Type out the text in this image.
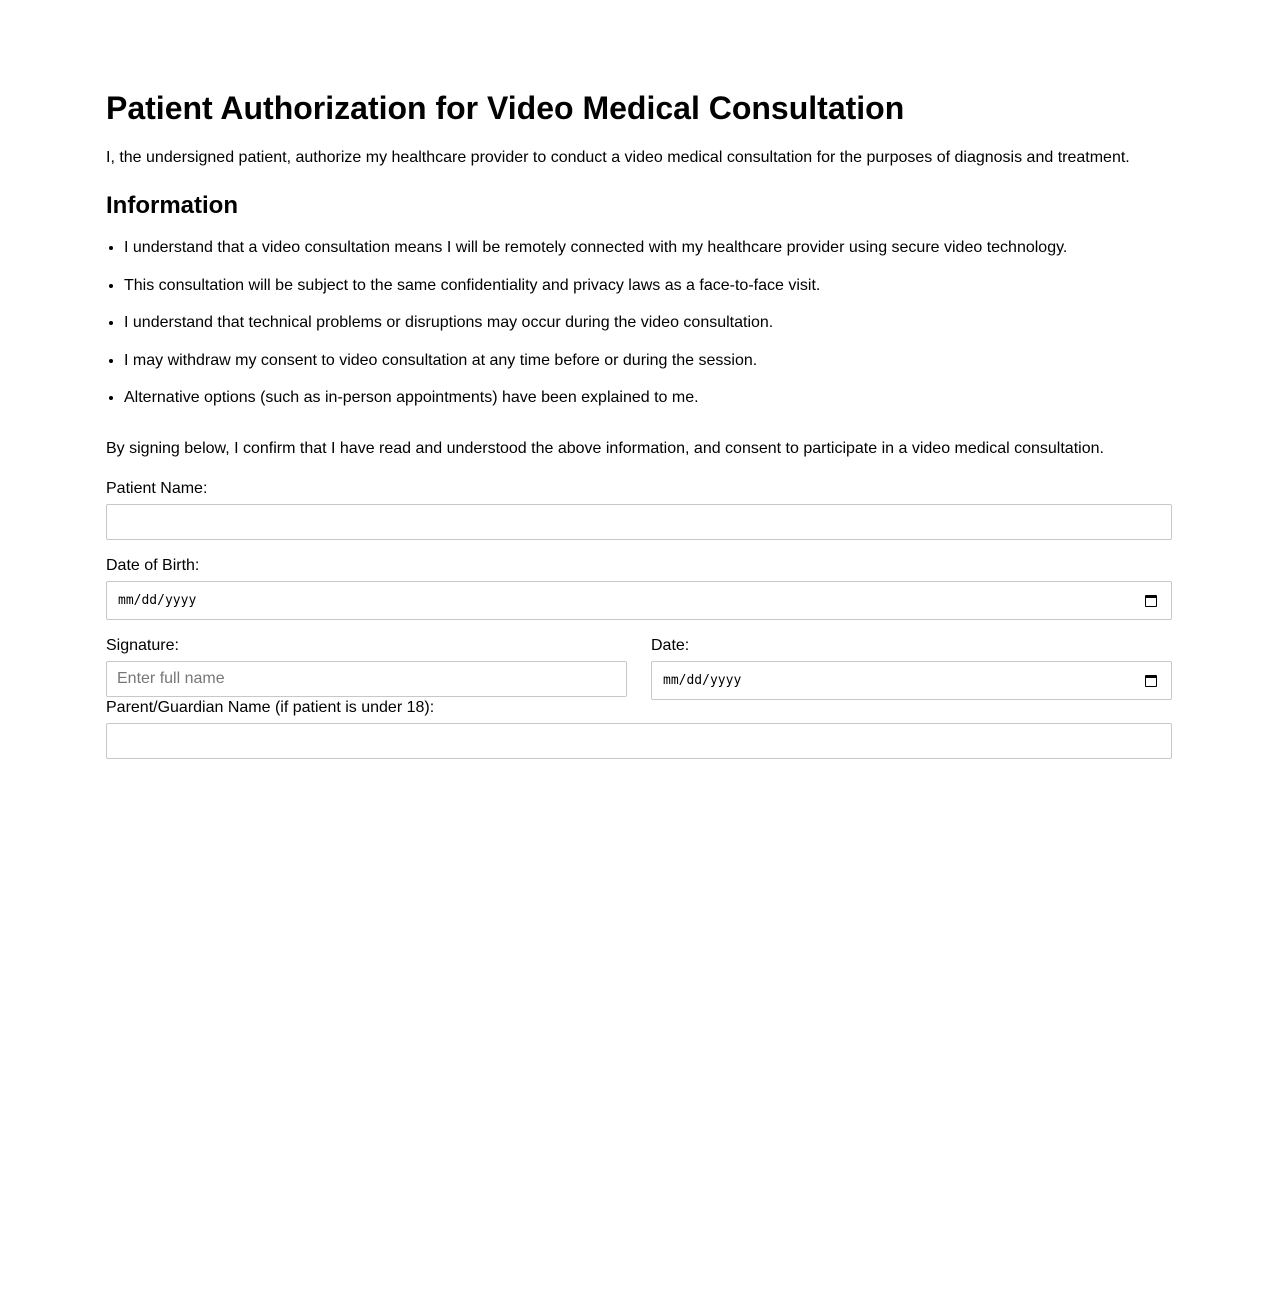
Patient Authorization for Video Medical Consultation

I, the undersigned patient, authorize my healthcare provider to conduct a video medical consultation for the purposes of diagnosis and treatment.

Information
• I understand that a video consultation means I will be remotely connected with my healthcare provider using secure video technology.
• This consultation will be subject to the same confidentiality and privacy laws as a face-to-face visit.
• I understand that technical problems or disruptions may occur during the video consultation.
• I may withdraw my consent to video consultation at any time before or during the session.
• Alternative options (such as in-person appointments) have been explained to me.

By signing below, I confirm that I have read and understood the above information, and consent to participate in a video medical consultation.

Patient Name:
Date of Birth:
mm/dd/yyyy
Signature:
Enter full name	Date:
mm/dd/yyyy
Parent/Guardian Name (if patient is under 18):
